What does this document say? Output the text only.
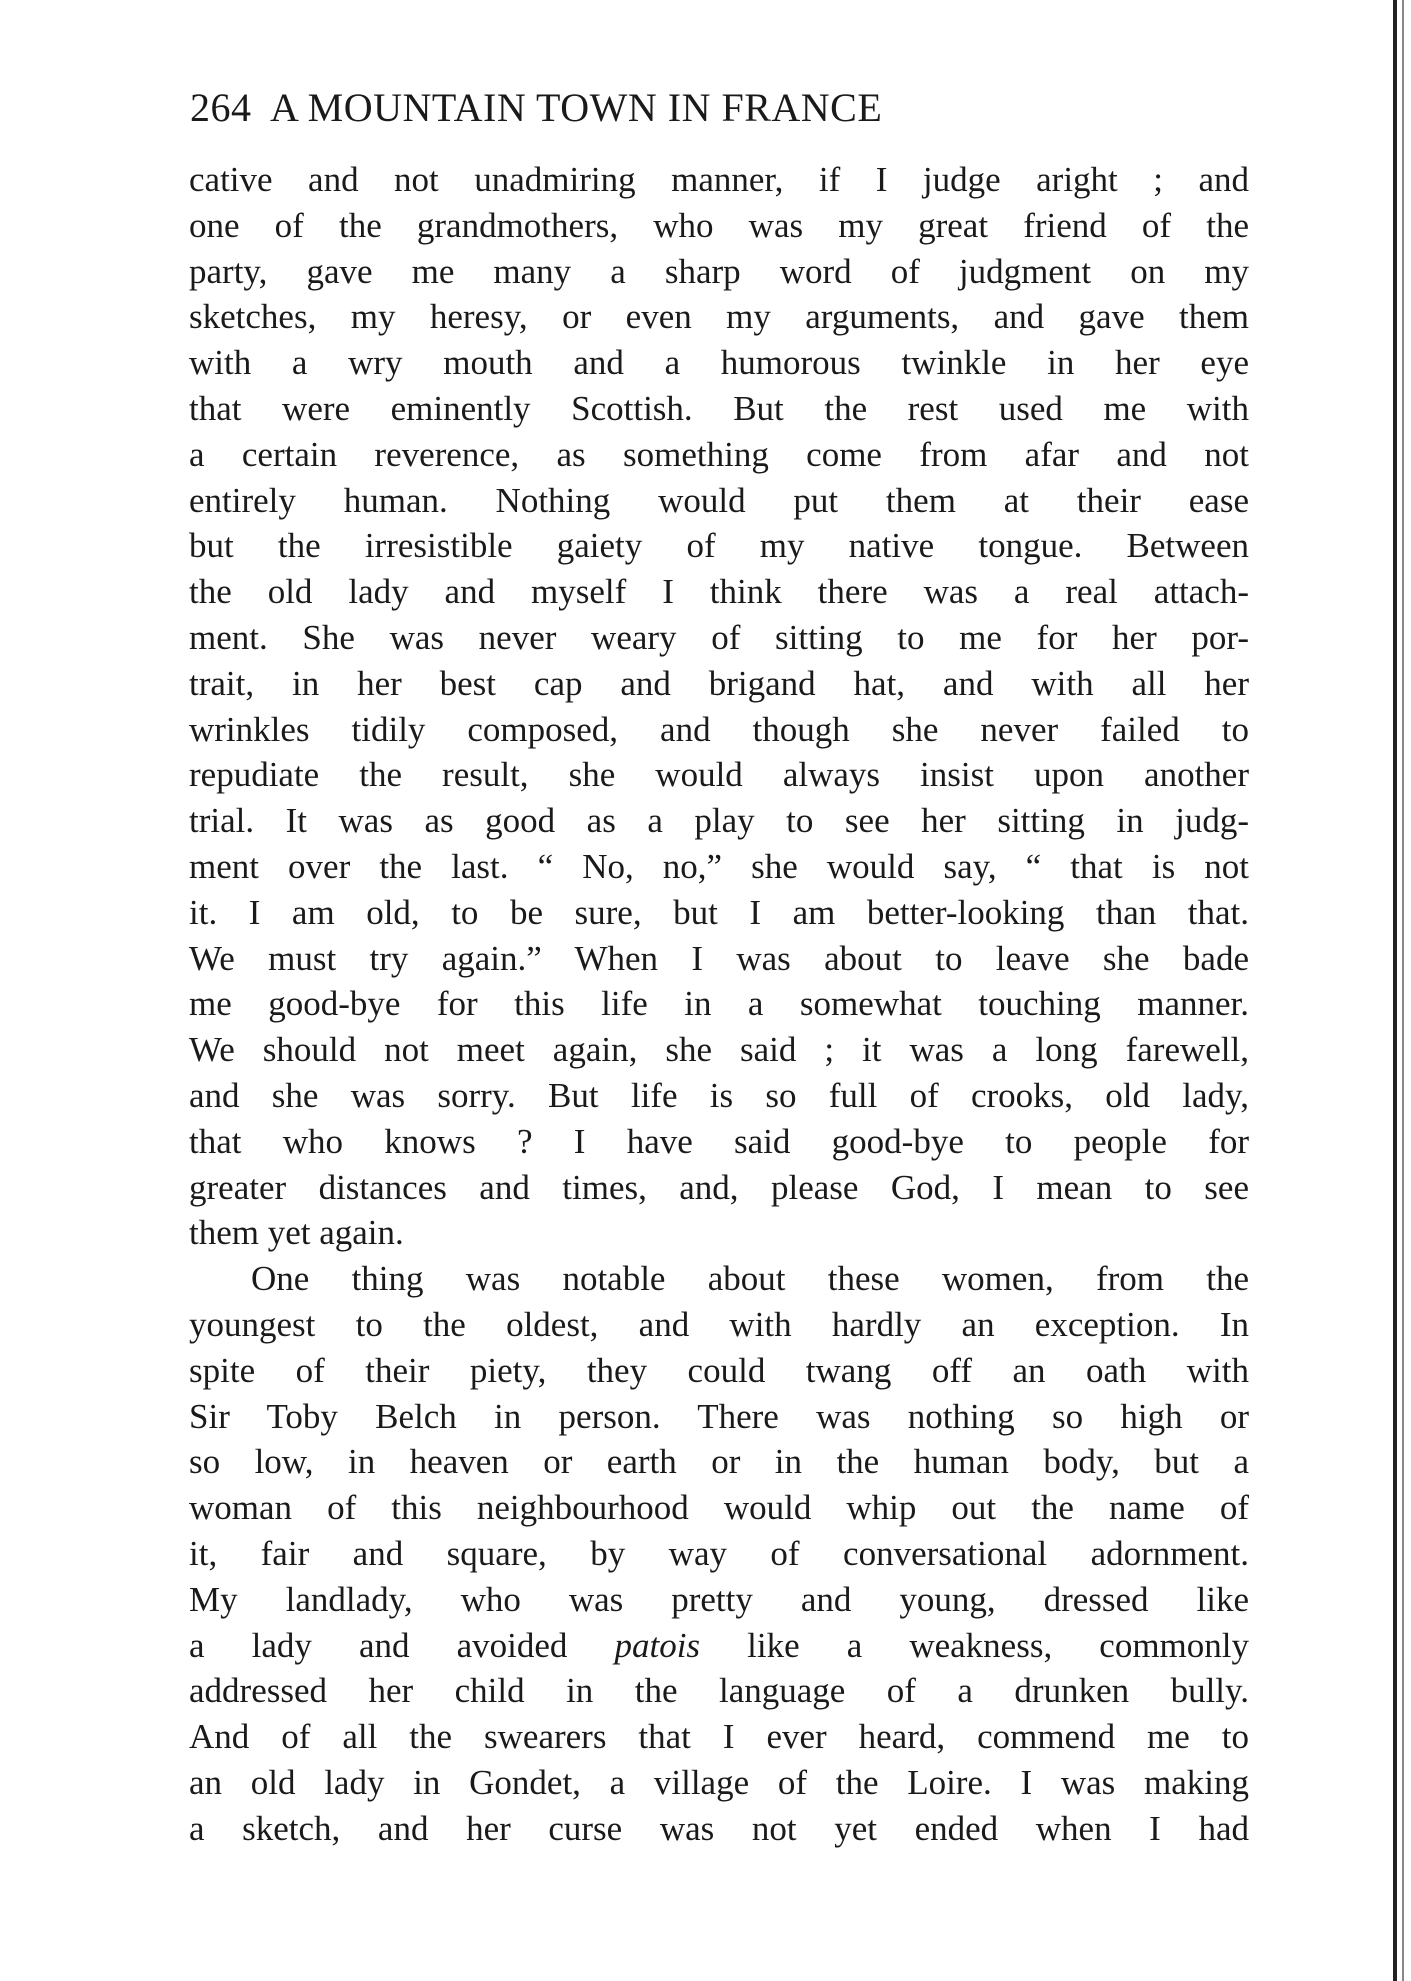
264 A MOUNTAIN TOWN IN FRANCE
cative and not unadmiring manner, if I judge aright ; and
one of the grandmothers, who was my great friend of the
party, gave me many a sharp word of judgment on my
sketches, my heresy, or even my arguments, and gave them
with a wry mouth and a humorous twinkle in her eye
that were eminently Scottish. But the rest used me with
a certain reverence, as something come from afar and not
entirely human. Nothing would put them at their ease
but the irresistible gaiety of my native tongue. Between
the old lady and myself I think there was a real attach-
ment. She was never weary of sitting to me for her por-
trait, in her best cap and brigand hat, and with all her
wrinkles tidily composed, and though she never failed to
repudiate the result, she would always insist upon another
trial. It was as good as a play to see her sitting in judg-
ment over the last. “ No, no,” she would say, “ that is not
it. I am old, to be sure, but I am better-looking than that.
We must try again.” When I was about to leave she bade
me good-bye for this life in a somewhat touching manner.
We should not meet again, she said ; it was a long farewell,
and she was sorry. But life is so full of crooks, old lady,
that who knows ? I have said good-bye to people for
greater distances and times, and, please God, I mean to see
them yet again.
One thing was notable about these women, from the
youngest to the oldest, and with hardly an exception. In
spite of their piety, they could twang off an oath with
Sir Toby Belch in person. There was nothing so high or
so low, in heaven or earth or in the human body, but a
woman of this neighbourhood would whip out the name of
it, fair and square, by way of conversational adornment.
My landlady, who was pretty and young, dressed like
a lady and avoided patois like a weakness, commonly
addressed her child in the language of a drunken bully.
And of all the swearers that I ever heard, commend me to
an old lady in Gondet, a village of the Loire. I was making
a sketch, and her curse was not yet ended when I had
